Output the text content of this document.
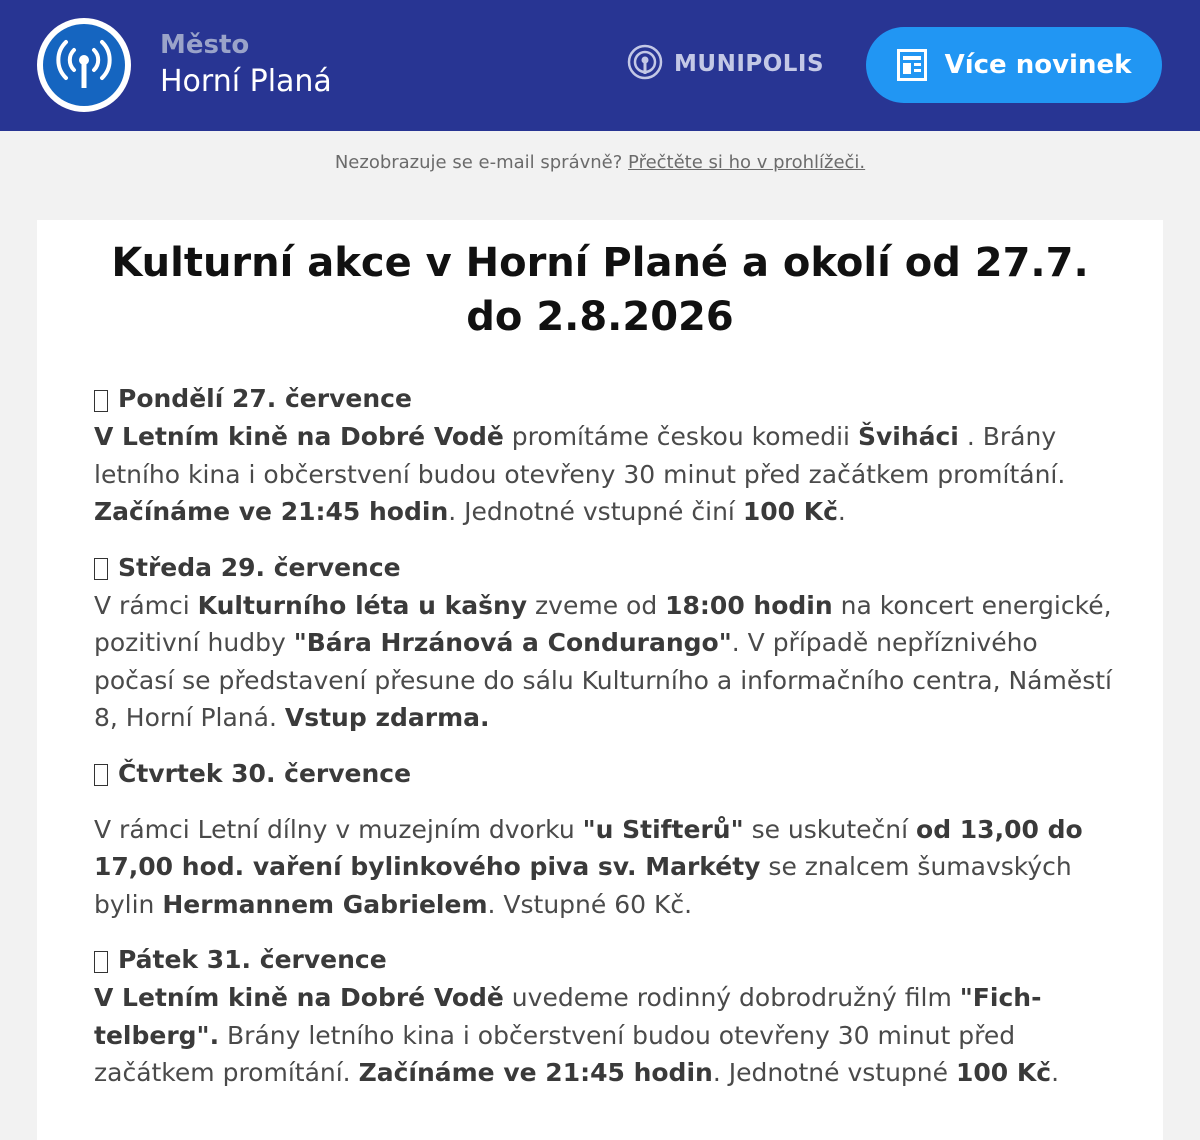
Město
Horní Planá	MUNIPOLIS	Více novinek
Nezobrazuje se e-mail správně? Přečtěte si ho v prohlížeči.
Kulturní akce v Horní Plané a okolí od 27.7. do 2.8.2026
Pondělí 27. července
V Letním kině na Dobré Vodě promítáme českou komedii Šviháci . Brány letního kina i občerstvení budou otevřeny 30 minut před začátkem promítání. Začínáme ve 21:45 hodin. Jednotné vstupné činí 100 Kč.
Středa 29. července
V rámci Kulturního léta u kašny zveme od 18:00 hodin na koncert energické, pozitivní hudby "Bára Hrzánová a Condurango". V případě nepříznivého počasí se představení přesune do sálu Kulturního a informačního centra, Náměstí 8, Horní Planá. Vstup zdarma.
Čtvrtek 30. července
V rámci Letní dílny v muzejním dvorku "u Stifterů" se uskuteční od 13,00 do 17,00 hod. vaření bylinkového piva sv. Markéty se znalcem šumavských bylin Hermannem Gabrielem. Vstupné 60 Kč.
Pátek 31. července
V Letním kině na Dobré Vodě uvedeme rodinný dobrodružný film "Fichtelberg". Brány letního kina i občerstvení budou otevřeny 30 minut před začátkem promítání. Začínáme ve 21:45 hodin. Jednotné vstupné 100 Kč.
